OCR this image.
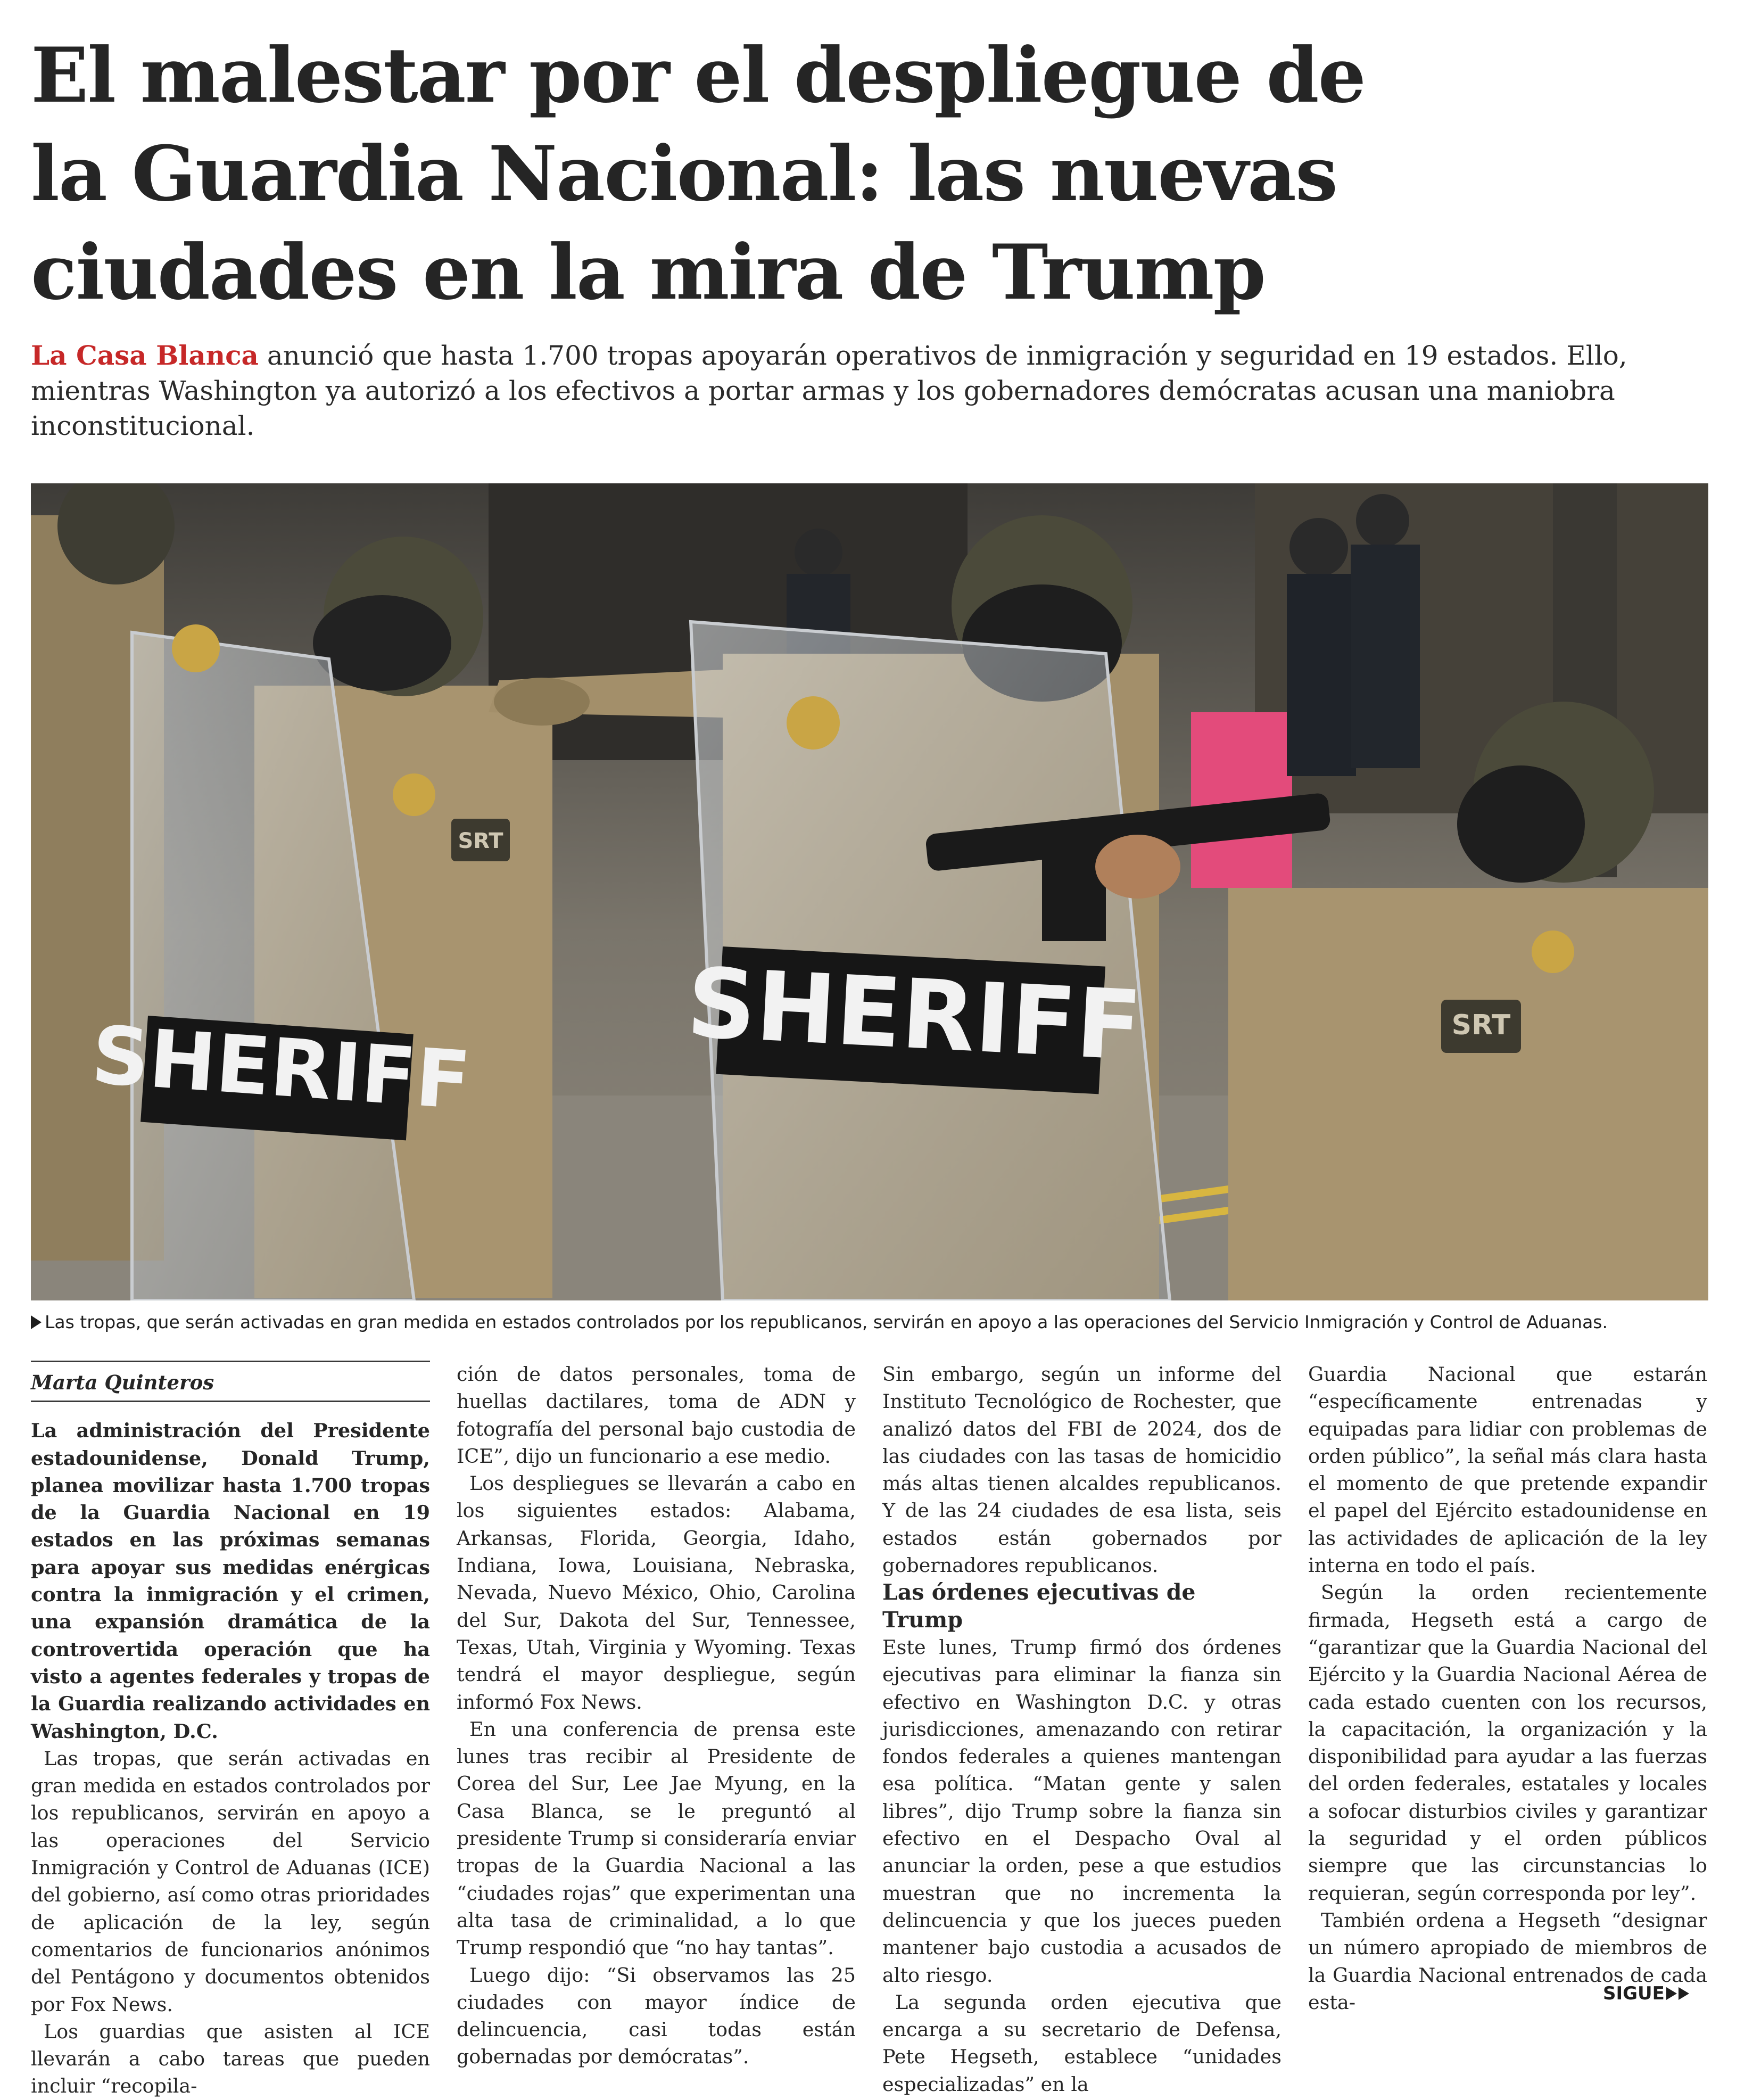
El malestar por el despliegue de
la Guardia Nacional: las nuevas
ciudades en la mira de Trump

La Casa Blanca anunció que hasta 1.700 tropas apoyarán operativos de inmigración y seguridad en 19 estados. Ello, mientras Washington ya autorizó a los efectivos a portar armas y los gobernadores demócratas acusan una maniobra inconstitucional.

SHERIFF SHERIFF
SRT
SRT
Las tropas, que serán activadas en gran medida en estados controlados por los republicanos, servirán en apoyo a las operaciones del Servicio Inmigración y Control de Aduanas.
Marta Quinteros

La administración del Presidente estadounidense, Donald Trump, planea movilizar hasta 1.700 tropas de la Guardia Nacional en 19 estados en las próximas semanas para apoyar sus medidas enérgicas contra la inmigración y el crimen, una expansión dramática de la controvertida operación que ha visto a agentes federales y tropas de la Guardia realizando actividades en Washington, D.C.

Las tropas, que serán activadas en gran medida en estados controlados por los republicanos, servirán en apoyo a las operaciones del Servicio Inmigración y Control de Aduanas (ICE) del gobierno, así como otras prioridades de aplicación de la ley, según comentarios de funcionarios anónimos del Pentágono y documentos obtenidos por Fox News.

Los guardias que asisten al ICE llevarán a cabo tareas que pueden incluir “recopila-

ción de datos personales, toma de huellas dactilares, toma de ADN y fotografía del personal bajo custodia de ICE”, dijo un funcionario a ese medio.

Los despliegues se llevarán a cabo en los siguientes estados: Alabama, Arkansas, Florida, Georgia, Idaho, Indiana, Iowa, Louisiana, Nebraska, Nevada, Nuevo México, Ohio, Carolina del Sur, Dakota del Sur, Tennessee, Texas, Utah, Virginia y Wyoming. Texas tendrá el mayor despliegue, según informó Fox News.

En una conferencia de prensa este lunes tras recibir al Presidente de Corea del Sur, Lee Jae Myung, en la Casa Blanca, se le preguntó al presidente Trump si consideraría enviar tropas de la Guardia Nacional a las “ciudades rojas” que experimentan una alta tasa de criminalidad, a lo que Trump respondió que “no hay tantas”.

Luego dijo: “Si observamos las 25 ciudades con mayor índice de delincuencia, casi todas están gobernadas por demócratas”.

Sin embargo, según un informe del Instituto Tecnológico de Rochester, que analizó datos del FBI de 2024, dos de las ciudades con las tasas de homicidio más altas tienen alcaldes republicanos. Y de las 24 ciudades de esa lista, seis estados están gobernados por gobernadores republicanos.

Las órdenes ejecutivas de Trump

Este lunes, Trump firmó dos órdenes ejecutivas para eliminar la fianza sin efectivo en Washington D.C. y otras jurisdicciones, amenazando con retirar fondos federales a quienes mantengan esa política. “Matan gente y salen libres”, dijo Trump sobre la fianza sin efectivo en el Despacho Oval al anunciar la orden, pese a que estudios muestran que no incrementa la delincuencia y que los jueces pueden mantener bajo custodia a acusados de alto riesgo.

La segunda orden ejecutiva que encarga a su secretario de Defensa, Pete Hegseth, establece “unidades especializadas” en la

Guardia Nacional que estarán “específicamente entrenadas y equipadas para lidiar con problemas de orden público”, la señal más clara hasta el momento de que pretende expandir el papel del Ejército estadounidense en las actividades de aplicación de la ley interna en todo el país.

Según la orden recientemente firmada, Hegseth está a cargo de “garantizar que la Guardia Nacional del Ejército y la Guardia Nacional Aérea de cada estado cuenten con los recursos, la capacitación, la organización y la disponibilidad para ayudar a las fuerzas del orden federales, estatales y locales a sofocar disturbios civiles y garantizar la seguridad y el orden públicos siempre que las circunstancias lo requieran, según corresponda por ley”.

También ordena a Hegseth “designar un número apropiado de miembros de la Guardia Nacional entrenados de cada esta-	SIGUE
